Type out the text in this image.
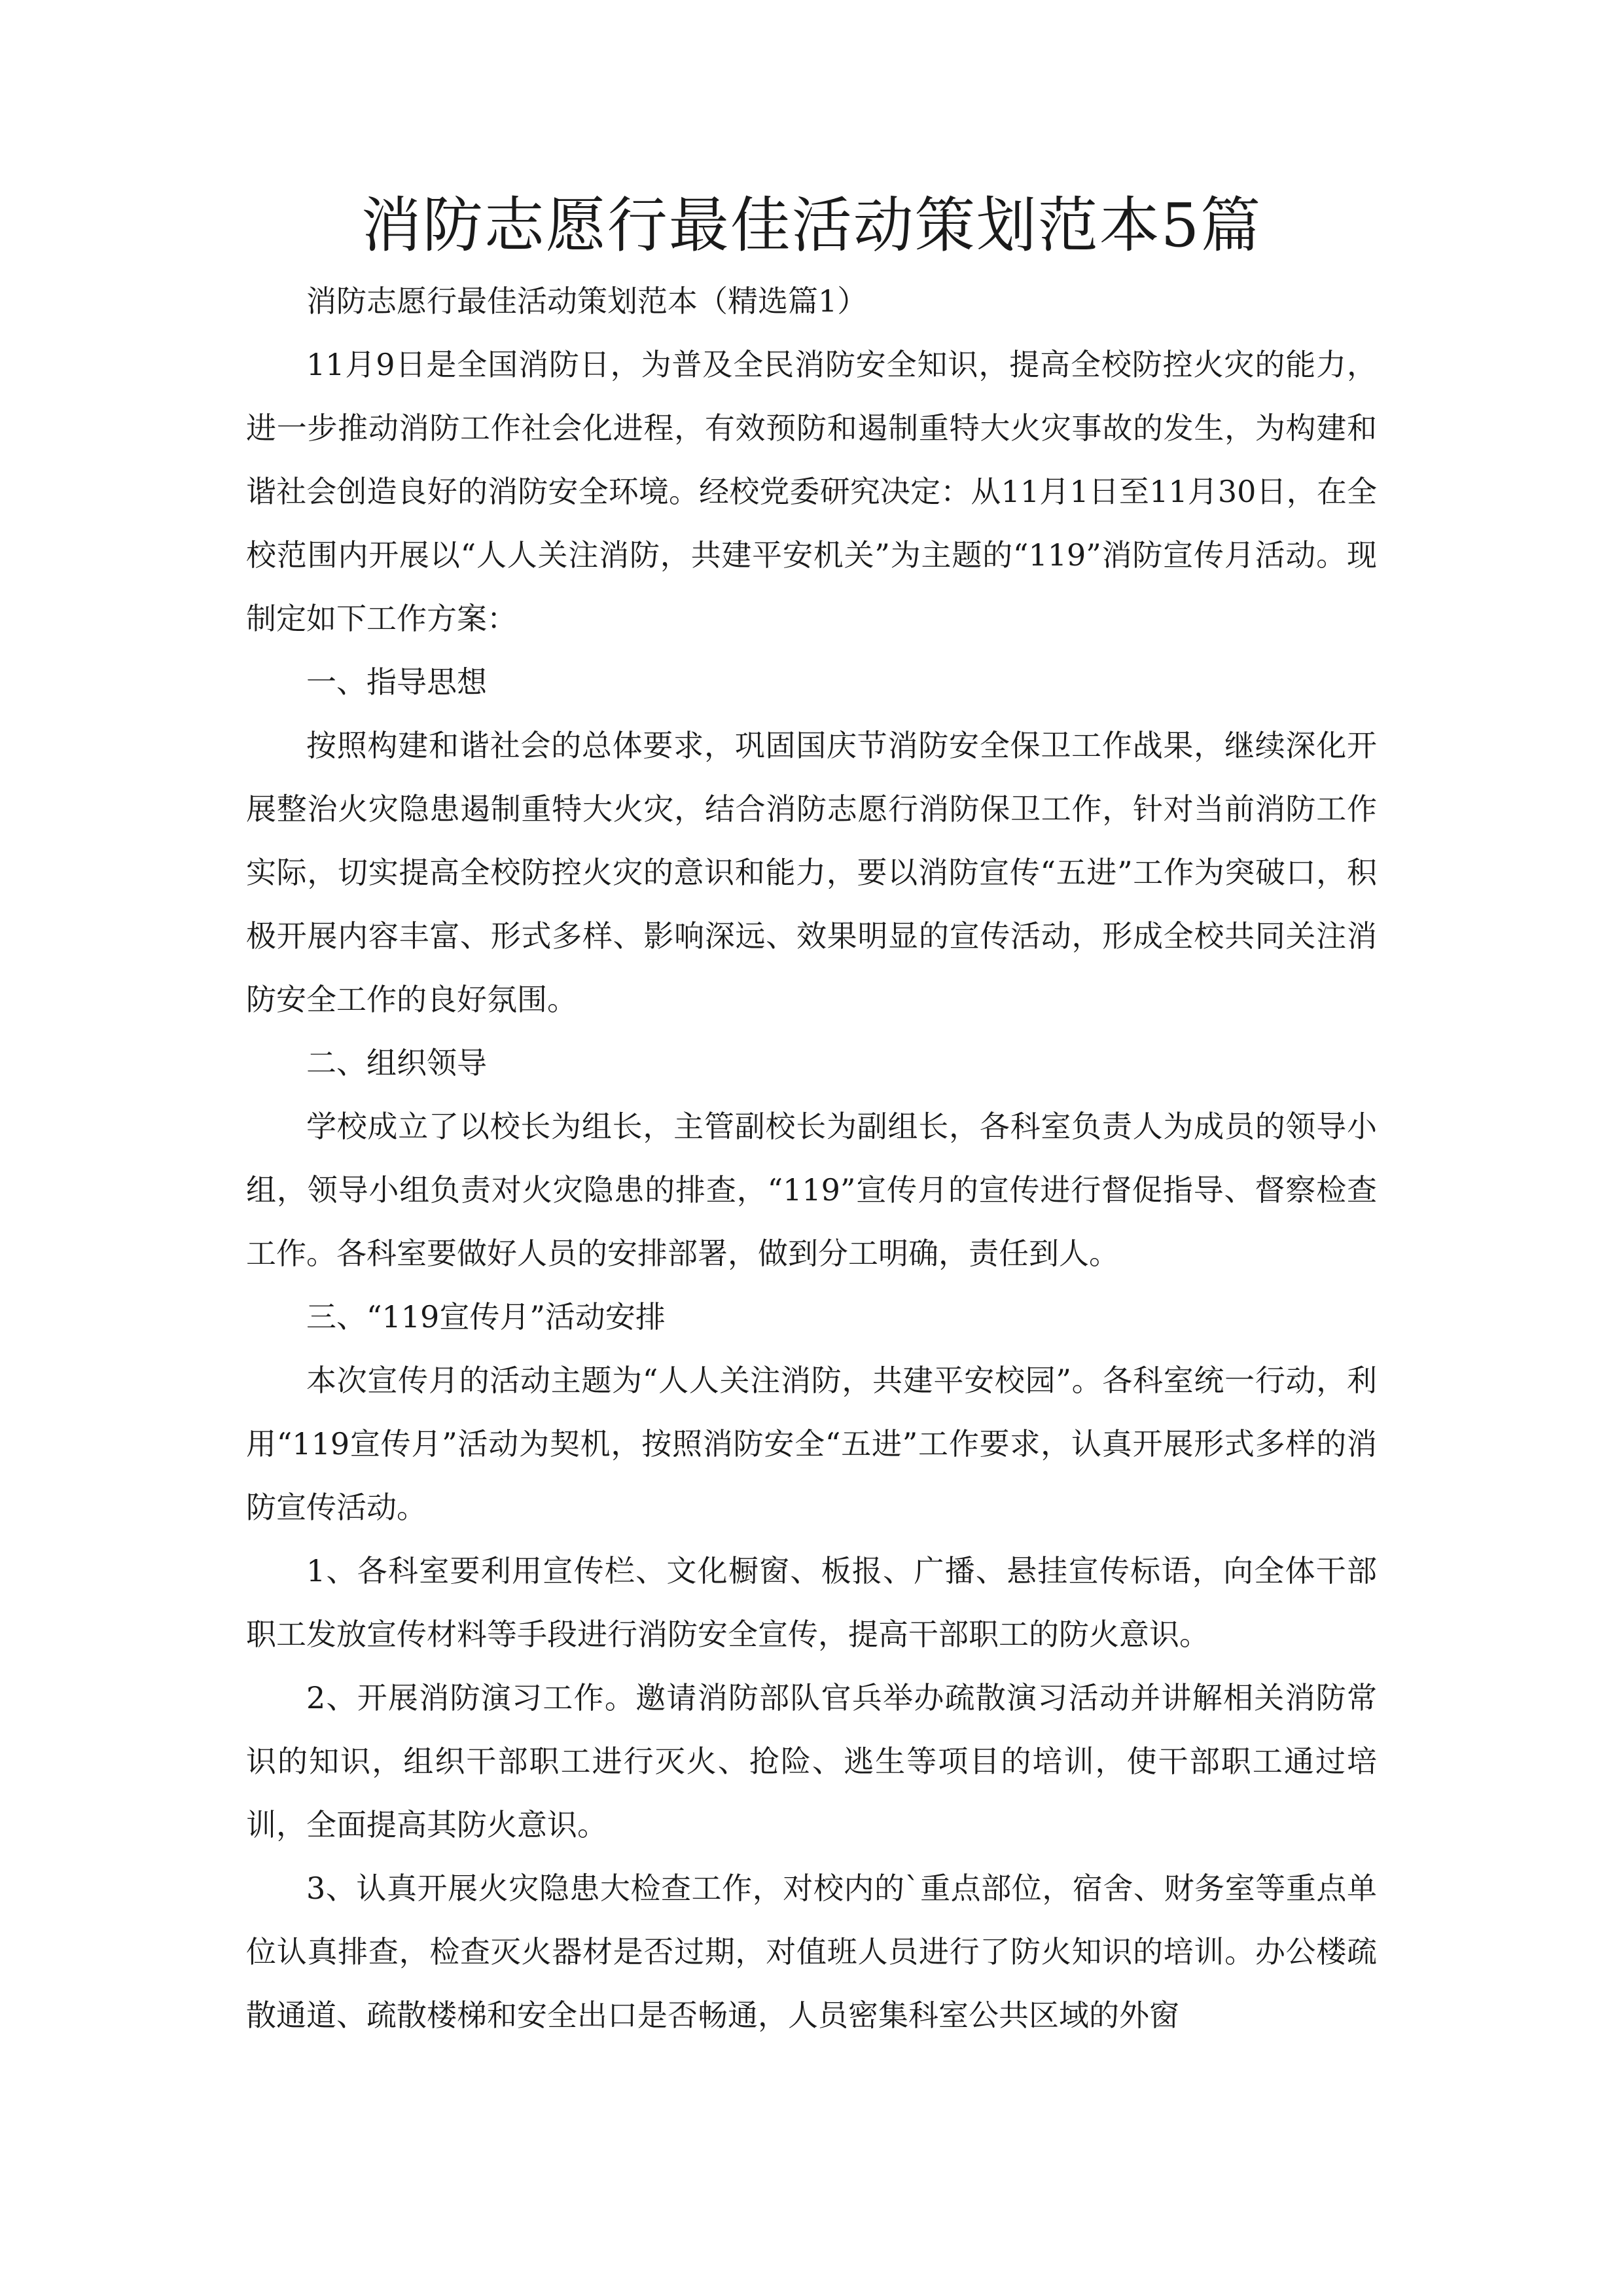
消防志愿行最佳活动策划范本5篇

消防志愿行最佳活动策划范本（精选篇1）

11月9日是全国消防日，为普及全民消防安全知识，提高全校防控火灾的能力，进一步推动消防工作社会化进程，有效预防和遏制重特大火灾事故的发生，为构建和谐社会创造良好的消防安全环境。经校党委研究决定：从11月1日至11月30日，在全校范围内开展以“人人关注消防，共建平安机关”为主题的“119”消防宣传月活动。现制定如下工作方案：

一、指导思想

按照构建和谐社会的总体要求，巩固国庆节消防安全保卫工作战果，继续深化开展整治火灾隐患遏制重特大火灾，结合消防志愿行消防保卫工作，针对当前消防工作实际，切实提高全校防控火灾的意识和能力，要以消防宣传“五进”工作为突破口，积极开展内容丰富、形式多样、影响深远、效果明显的宣传活动，形成全校共同关注消防安全工作的良好氛围。

二、组织领导

学校成立了以校长为组长，主管副校长为副组长，各科室负责人为成员的领导小组，领导小组负责对火灾隐患的排查，“119”宣传月的宣传进行督促指导、督察检查工作。各科室要做好人员的安排部署，做到分工明确，责任到人。

三、“119宣传月”活动安排

本次宣传月的活动主题为“人人关注消防，共建平安校园”。各科室统一行动，利用“119宣传月”活动为契机，按照消防安全“五进”工作要求，认真开展形式多样的消防宣传活动。

1、各科室要利用宣传栏、文化橱窗、板报、广播、悬挂宣传标语，向全体干部职工发放宣传材料等手段进行消防安全宣传，提高干部职工的防火意识。

2、开展消防演习工作。邀请消防部队官兵举办疏散演习活动并讲解相关消防常识的知识，组织干部职工进行灭火、抢险、逃生等项目的培训，使干部职工通过培训，全面提高其防火意识。

3、认真开展火灾隐患大检查工作，对校内的`重点部位，宿舍、财务室等重点单位认真排查，检查灭火器材是否过期，对值班人员进行了防火知识的培训。办公楼疏散通道、疏散楼梯和安全出口是否畅通，人员密集科室公共区域的外窗
